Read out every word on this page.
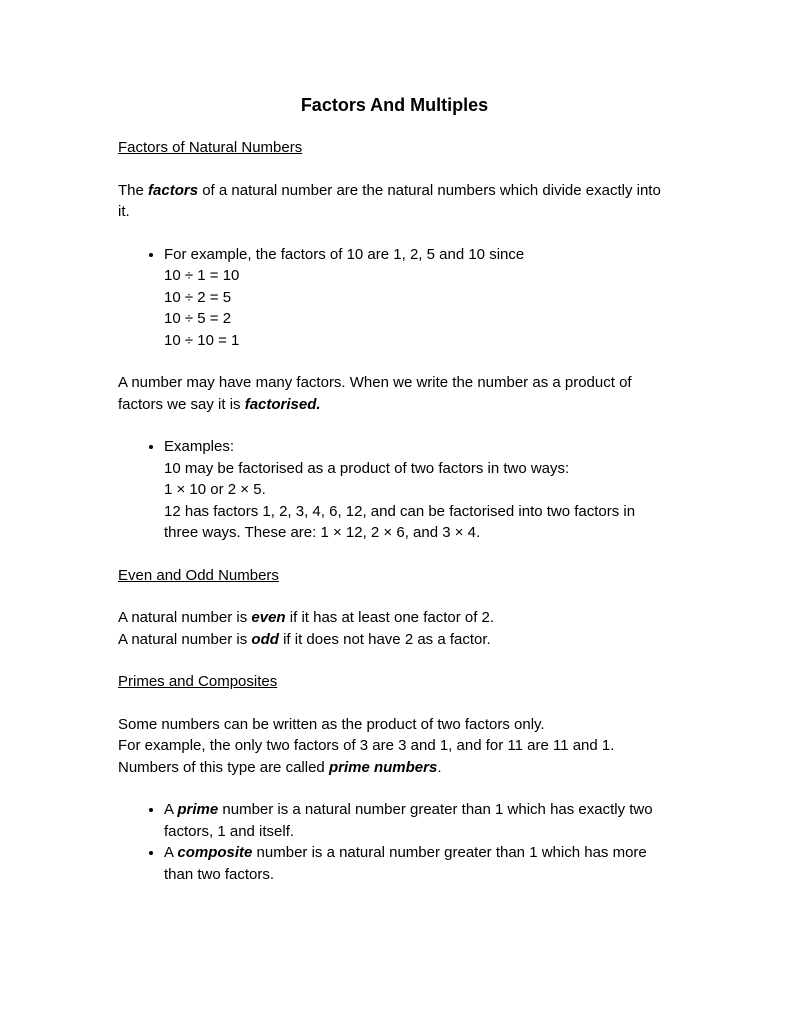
Factors And Multiples
Factors of Natural Numbers
The factors of a natural number are the natural numbers which divide exactly into it.
• For example, the factors of 10 are 1, 2, 5 and 10 since
10 ÷ 1 = 10
10 ÷ 2 = 5
10 ÷ 5 = 2
10 ÷ 10 = 1
A number may have many factors. When we write the number as a product of factors we say it is factorised.
• Examples:
10 may be factorised as a product of two factors in two ways:
1 × 10 or 2 × 5.
12 has factors 1, 2, 3, 4, 6, 12, and can be factorised into two factors in three ways. These are: 1 × 12, 2 × 6, and 3 × 4.
Even and Odd Numbers
A natural number is even if it has at least one factor of 2.
A natural number is odd if it does not have 2 as a factor.
Primes and Composites
Some numbers can be written as the product of two factors only.
For example, the only two factors of 3 are 3 and 1, and for 11 are 11 and 1. Numbers of this type are called prime numbers.
• A prime number is a natural number greater than 1 which has exactly two factors, 1 and itself.
• A composite number is a natural number greater than 1 which has more than two factors.
